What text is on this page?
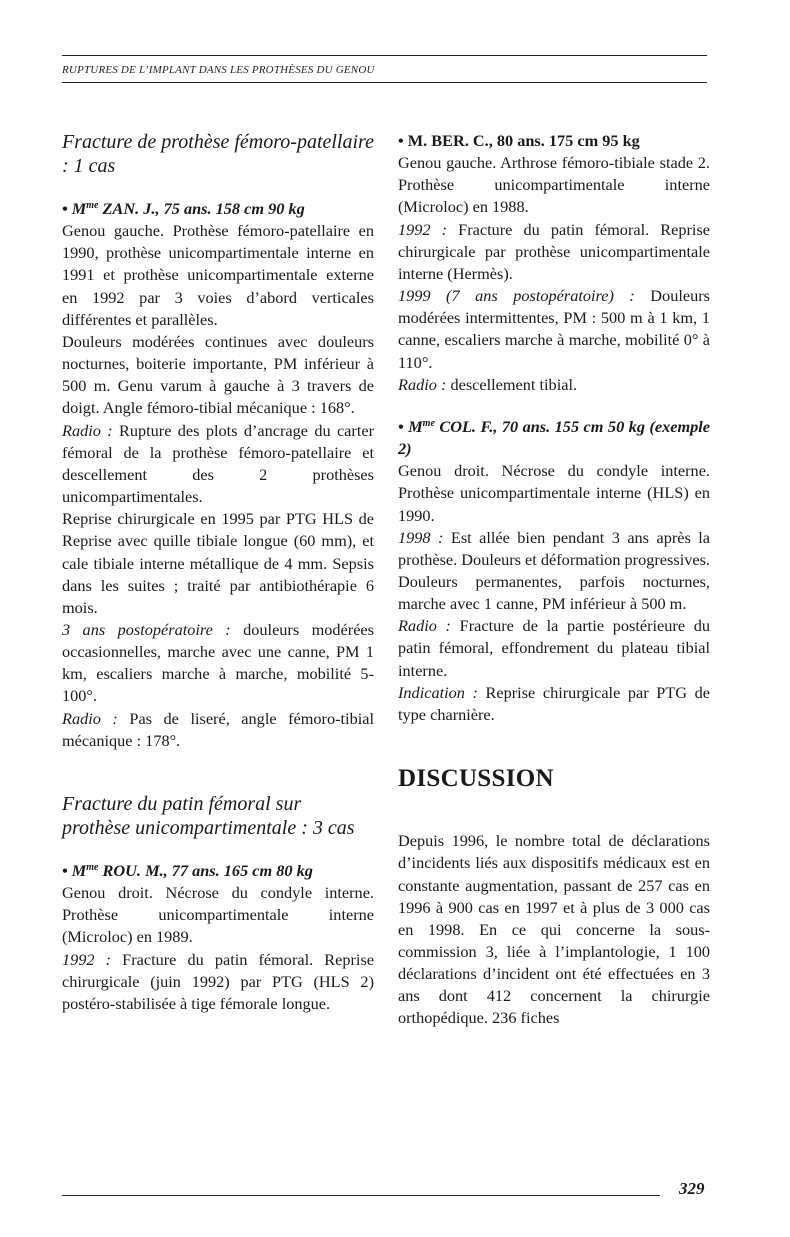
RUPTURES DE L’IMPLANT DANS LES PROTHÈSES DU GENOU

Fracture de prothèse fémoro-patellaire : 1 cas

• $M^{me}$ ZAN. J., 75 ans. 158 cm 90 kg

Genou gauche. Prothèse fémoro-patellaire en 1990, prothèse unicompartimentale interne en 1991 et prothèse unicompartimentale externe en 1992 par 3 voies d’abord verticales différentes et parallèles.

Douleurs modérées continues avec douleurs nocturnes, boiterie importante, PM inférieur à 500 m. Genu varum à gauche à 3 travers de doigt. Angle fémoro-tibial mécanique : 168°.

Radio : Rupture des plots d’ancrage du carter fémoral de la prothèse fémoro-patellaire et descellement des 2 prothèses unicompartimentales.

Reprise chirurgicale en 1995 par PTG HLS de Reprise avec quille tibiale longue (60 mm), et cale tibiale interne métallique de 4 mm. Sepsis dans les suites ; traité par antibiothérapie 6 mois.

3 ans postopératoire : douleurs modérées occasionnelles, marche avec une canne, PM 1 km, escaliers marche à marche, mobilité 5-100°.

Radio : Pas de liseré, angle fémoro-tibial mécanique : 178°.

Fracture du patin fémoral sur prothèse unicompartimentale : 3 cas

• $M^{me}$ ROU. M., 77 ans. 165 cm 80 kg

Genou droit. Nécrose du condyle interne. Prothèse unicompartimentale interne (Microloc) en 1989.

1992 : Fracture du patin fémoral. Reprise chirurgicale (juin 1992) par PTG (HLS 2) postéro-stabilisée à tige fémorale longue.

• M. BER. C., 80 ans. 175 cm 95 kg

Genou gauche. Arthrose fémoro-tibiale stade 2. Prothèse unicompartimentale interne (Microloc) en 1988.

1992 : Fracture du patin fémoral. Reprise chirurgicale par prothèse unicompartimentale interne (Hermès).

1999 (7 ans postopératoire) : Douleurs modérées intermittentes, PM : 500 m à 1 km, 1 canne, escaliers marche à marche, mobilité 0° à 110°.

Radio : descellement tibial.

• $M^{me}$ COL. F., 70 ans. 155 cm 50 kg (exemple 2)

Genou droit. Nécrose du condyle interne. Prothèse unicompartimentale interne (HLS) en 1990.

1998 : Est allée bien pendant 3 ans après la prothèse. Douleurs et déformation progressives. Douleurs permanentes, parfois nocturnes, marche avec 1 canne, PM inférieur à 500 m.

Radio : Fracture de la partie postérieure du patin fémoral, effondrement du plateau tibial interne.

Indication : Reprise chirurgicale par PTG de type charnière.

DISCUSSION

Depuis 1996, le nombre total de déclarations d’incidents liés aux dispositifs médicaux est en constante augmentation, passant de 257 cas en 1996 à 900 cas en 1997 et à plus de 3 000 cas en 1998. En ce qui concerne la sous-commission 3, liée à l’implantologie, 1 100 déclarations d’incident ont été effectuées en 3 ans dont 412 concernent la chirurgie orthopédique. 236 fiches

329
